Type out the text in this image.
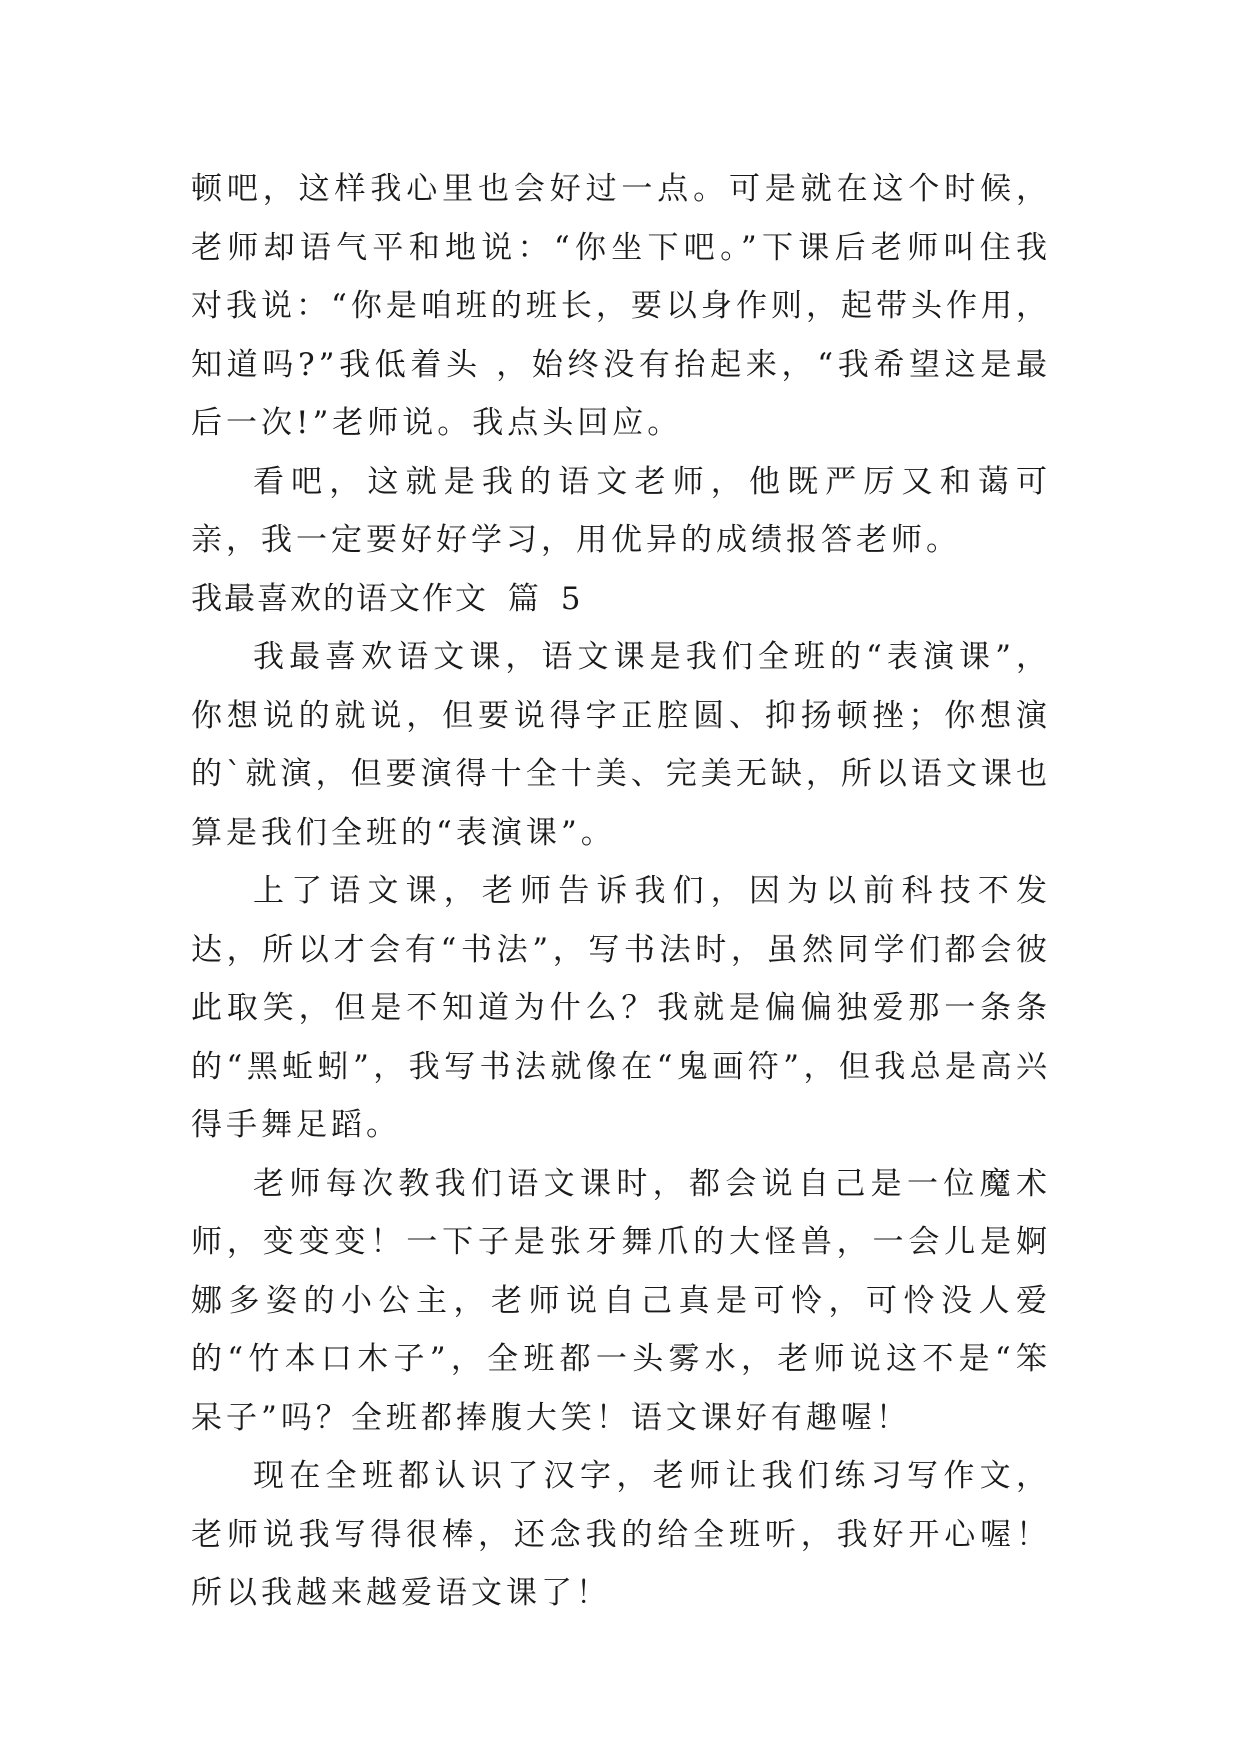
顿吧，这样我心里也会好过一点。可是就在这个时候，老师却语气平和地说：“你坐下吧。”下课后老师叫住我对我说：“你是咱班的班长，要以身作则，起带头作用，知道吗?”我低着头 ，始终没有抬起来，“我希望这是最后一次!”老师说。我点头回应。

看吧，这就是我的语文老师，他既严厉又和蔼可亲，我一定要好好学习，用优异的成绩报答老师。

我最喜欢的语文作文 篇 5

我最喜欢语文课，语文课是我们全班的“表演课”，你想说的就说，但要说得字正腔圆、抑扬顿挫；你想演的`就演，但要演得十全十美、完美无缺，所以语文课也算是我们全班的“表演课”。

上了语文课，老师告诉我们，因为以前科技不发达，所以才会有“书法”，写书法时，虽然同学们都会彼此取笑，但是不知道为什么？我就是偏偏独爱那一条条的“黑蚯蚓”，我写书法就像在“鬼画符”，但我总是高兴得手舞足蹈。

老师每次教我们语文课时，都会说自己是一位魔术师，变变变！一下子是张牙舞爪的大怪兽，一会儿是婀娜多姿的小公主，老师说自己真是可怜，可怜没人爱的“竹本口木子”，全班都一头雾水，老师说这不是“笨呆子”吗？全班都捧腹大笑！语文课好有趣喔！

现在全班都认识了汉字，老师让我们练习写作文，老师说我写得很棒，还念我的给全班听，我好开心喔！所以我越来越爱语文课了！
